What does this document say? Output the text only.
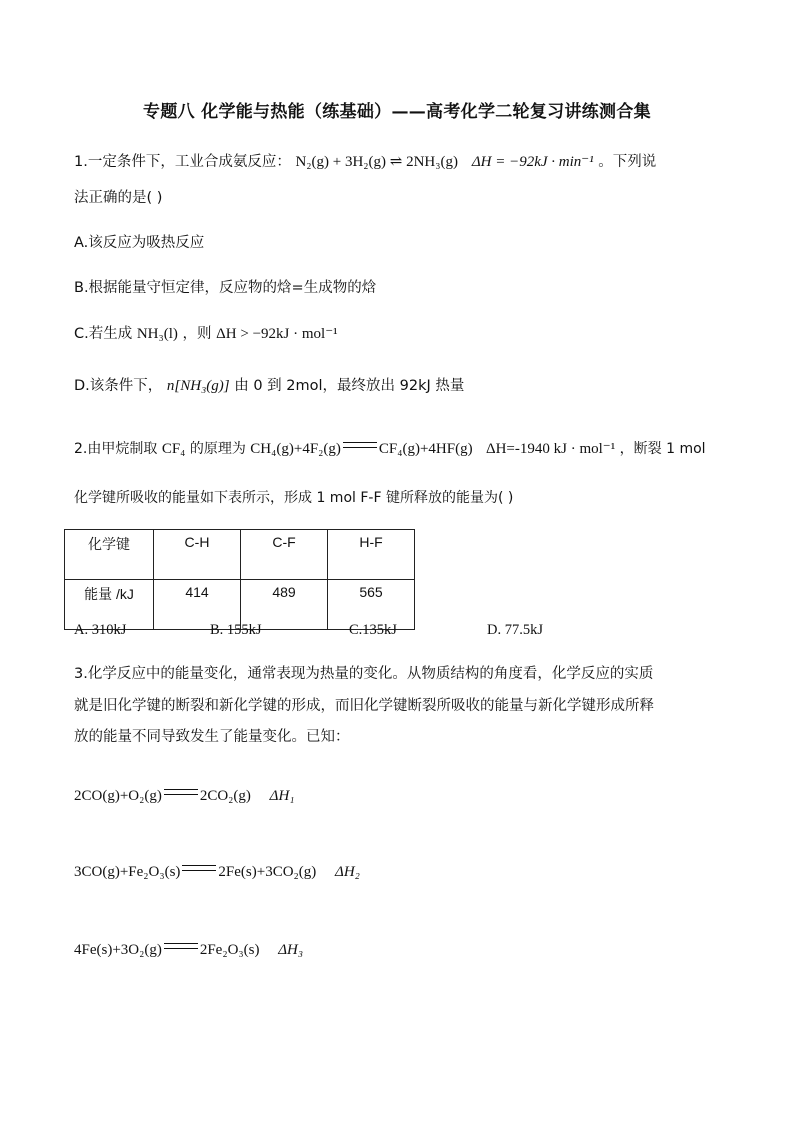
专题八 化学能与热能（练基础）——高考化学二轮复习讲练测合集
1.一定条件下，工业合成氨反应： N₂(g) + 3H₂(g) ⇌ 2NH₃(g) ΔH = −92kJ · min⁻¹ 。下列说
法正确的是( )
A.该反应为吸热反应
B.根据能量守恒定律，反应物的焓=生成物的焓
C.若生成 NH₃(l) ，则 ΔH > −92kJ · mol⁻¹
D.该条件下， n[NH₃(g)] 由 0 到 2mol，最终放出 92kJ 热量
2.由甲烷制取 CF₄ 的原理为 CH₄(g)+4F₂(g)	CF₄(g)+4HF(g) ΔH=-1940 kJ · mol⁻¹ ，断裂 1 mol
化学键所吸收的能量如下表所示，形成 1 mol F-F 键所释放的能量为( )
化学键	C-H	C-F	H-F
能量 /kJ	414	489	565
A. 310kJ	B. 155kJ	C.135kJ	D. 77.5kJ
3.化学反应中的能量变化，通常表现为热量的变化。从物质结构的角度看，化学反应的实质
就是旧化学键的断裂和新化学键的形成，而旧化学键断裂所吸收的能量与新化学键形成所释
放的能量不同导致发生了能量变化。已知：
2CO(g)+O₂(g)	2CO₂(g) ΔH₁
3CO(g)+Fe₂O₃(s)	2Fe(s)+3CO₂(g) ΔH₂
4Fe(s)+3O₂(g)	2Fe₂O₃(s) ΔH₃
